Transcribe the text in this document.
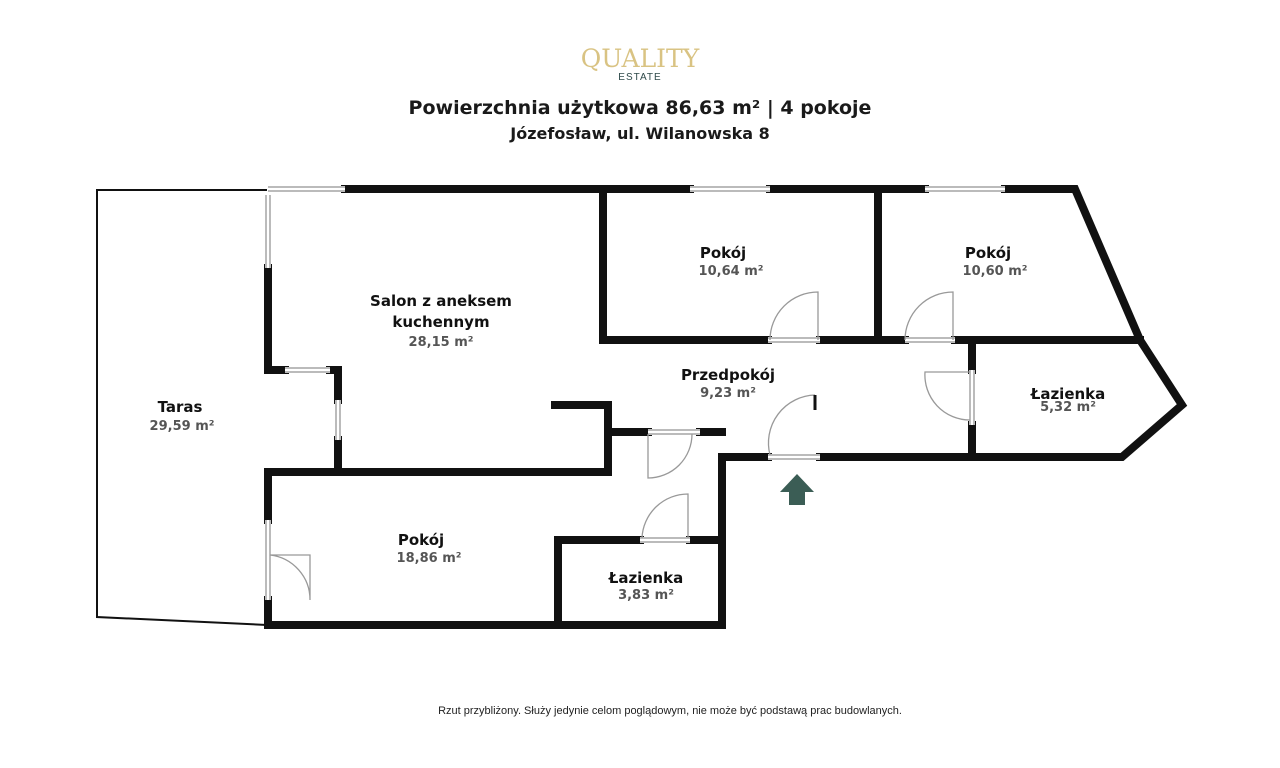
QUALITY
ESTATE
Powierzchnia użytkowa 86,63 m² | 4 pokoje
Józefosław, ul. Wilanowska 8
Taras
29,59 m²
Salon z aneksem
kuchennym
28,15 m²
Pokój
10,64 m²
Pokój
10,60 m²
Przedpokój
9,23 m²	Łazienka
5,32 m²
Pokój
18,86 m²
Łazienka
3,83 m²
Rzut przybliżony. Służy jedynie celom poglądowym, nie może być podstawą prac budowlanych.
